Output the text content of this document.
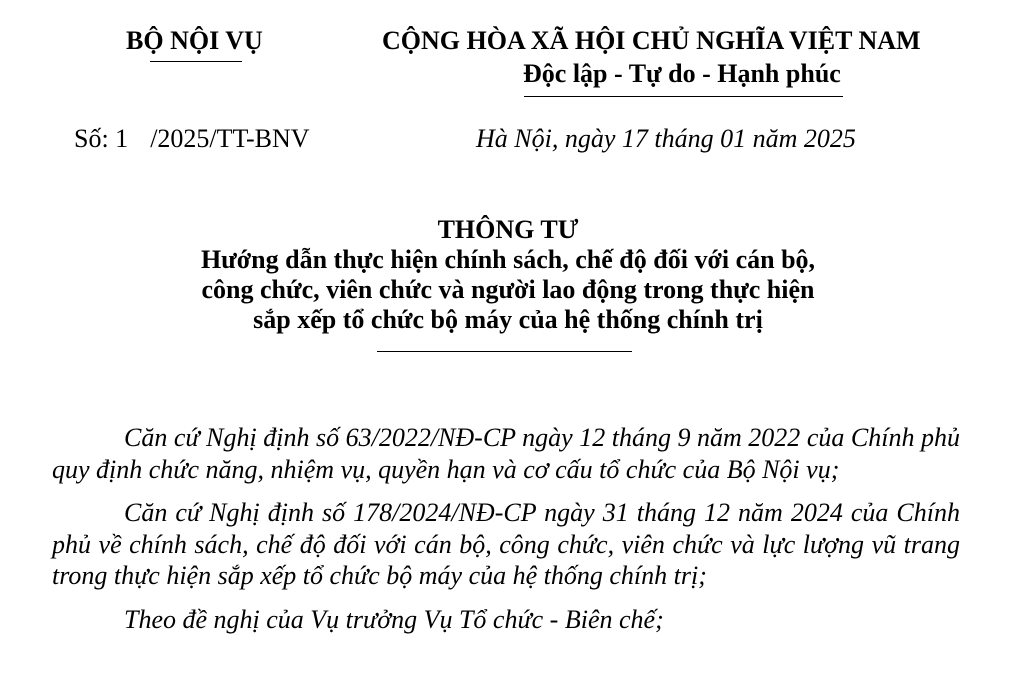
BỘ NỘI VỤ	CỘNG HÒA XÃ HỘI CHỦ NGHĨA VIỆT NAM
Độc lập - Tự do - Hạnh phúc
Số: 1 /2025/TT-BNV	Hà Nội, ngày 17 tháng 01 năm 2025
THÔNG TƯ
Hướng dẫn thực hiện chính sách, chế độ đối với cán bộ,
công chức, viên chức và người lao động trong thực hiện
sắp xếp tổ chức bộ máy của hệ thống chính trị

Căn cứ Nghị định số 63/2022/NĐ-CP ngày 12 tháng 9 năm 2022 của Chính phủ quy định chức năng, nhiệm vụ, quyền hạn và cơ cấu tổ chức của Bộ Nội vụ;

Căn cứ Nghị định số 178/2024/NĐ-CP ngày 31 tháng 12 năm 2024 của Chính phủ về chính sách, chế độ đối với cán bộ, công chức, viên chức và lực lượng vũ trang trong thực hiện sắp xếp tổ chức bộ máy của hệ thống chính trị;

Theo đề nghị của Vụ trưởng Vụ Tổ chức - Biên chế;
